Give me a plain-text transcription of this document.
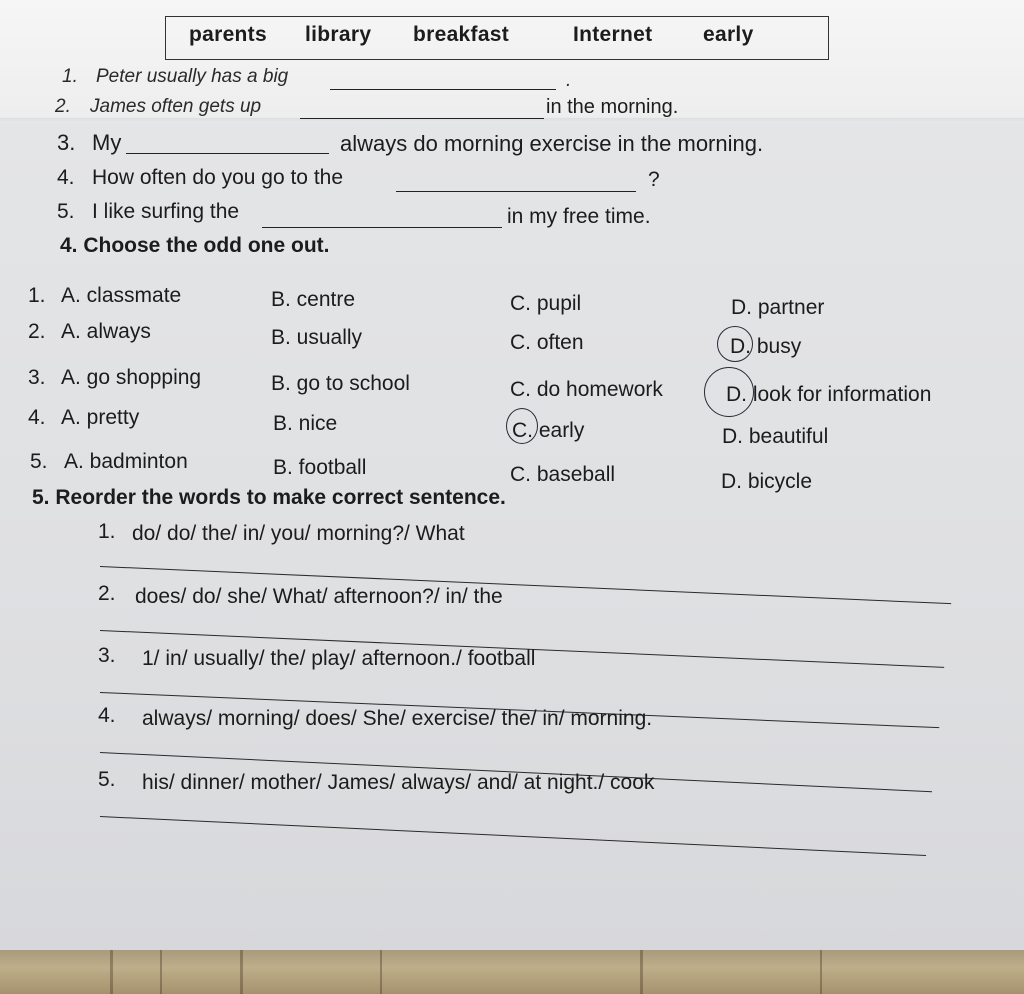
parents library breakfast	Internet early
1. Peter usually has a big	.
2. James often gets up	in the morning.
3. My	always do morning exercise in the morning.
4. How often do you go to the	?
5. I like surfing the	in my free time.
4. Choose the odd one out.
1. A. classmate	B. centre	C. pupil	D. partner
2. A. always	B. usually	C. often	D. busy
3. A. go shopping	B. go to school	C. do homework	D. look for information
4. A. pretty	B. nice	C. early	D. beautiful
5. A. badminton	B. football	C. baseball	D. bicycle
5. Reorder the words to make correct sentence.
1. do/ do/ the/ in/ you/ morning?/ What
2. does/ do/ she/ What/ afternoon?/ in/ the
3. 1/ in/ usually/ the/ play/ afternoon./ football
4. always/ morning/ does/ She/ exercise/ the/ in/ morning.
5. his/ dinner/ mother/ James/ always/ and/ at night./ cook
